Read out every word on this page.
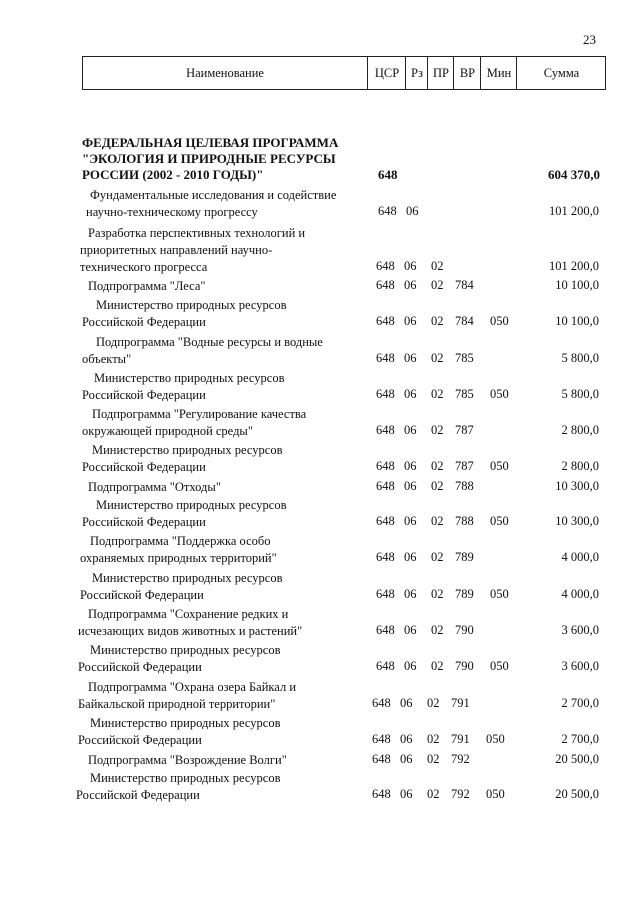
23
Наименование	ЦСР Рз ПР ВР Мин	Сумма
ФЕДЕРАЛЬНАЯ ЦЕЛЕВАЯ ПРОГРАММА
"ЭКОЛОГИЯ И ПРИРОДНЫЕ РЕСУРСЫ
РОССИИ (2002 - 2010 ГОДЫ)"	648	604 370,0
Фундаментальные исследования и содействие
научно-техническому прогрессу	648 06	101 200,0
Разработка перспективных технологий и
приоритетных направлений научно-
технического прогресса	648 06 02	101 200,0
Подпрограмма "Леса"	648 06 02 784	10 100,0
Министерство природных ресурсов
Российской Федерации	648 06 02 784 050	10 100,0
Подпрограмма "Водные ресурсы и водные
объекты"	648 06 02 785	5 800,0
Министерство природных ресурсов
Российской Федерации	648 06 02 785 050	5 800,0
Подпрограмма "Регулирование качества
окружающей природной среды"	648 06 02 787	2 800,0
Министерство природных ресурсов
Российской Федерации	648 06 02 787 050	2 800,0
Подпрограмма "Отходы"	648 06 02 788	10 300,0
Министерство природных ресурсов
Российской Федерации	648 06 02 788 050	10 300,0
Подпрограмма "Поддержка особо
охраняемых природных территорий"	648 06 02 789	4 000,0
Министерство природных ресурсов
Российской Федерации	648 06 02 789 050	4 000,0
Подпрограмма "Сохранение редких и
исчезающих видов животных и растений"	648 06 02 790	3 600,0
Министерство природных ресурсов
Российской Федерации	648 06 02 790 050	3 600,0
Подпрограмма "Охрана озера Байкал и
Байкальской природной территории"	648 06 02 791	2 700,0
Министерство природных ресурсов
Российской Федерации	648 06 02 791 050	2 700,0
Подпрограмма "Возрождение Волги"	648 06 02 792	20 500,0
Министерство природных ресурсов
Российской Федерации	648 06 02 792 050	20 500,0
